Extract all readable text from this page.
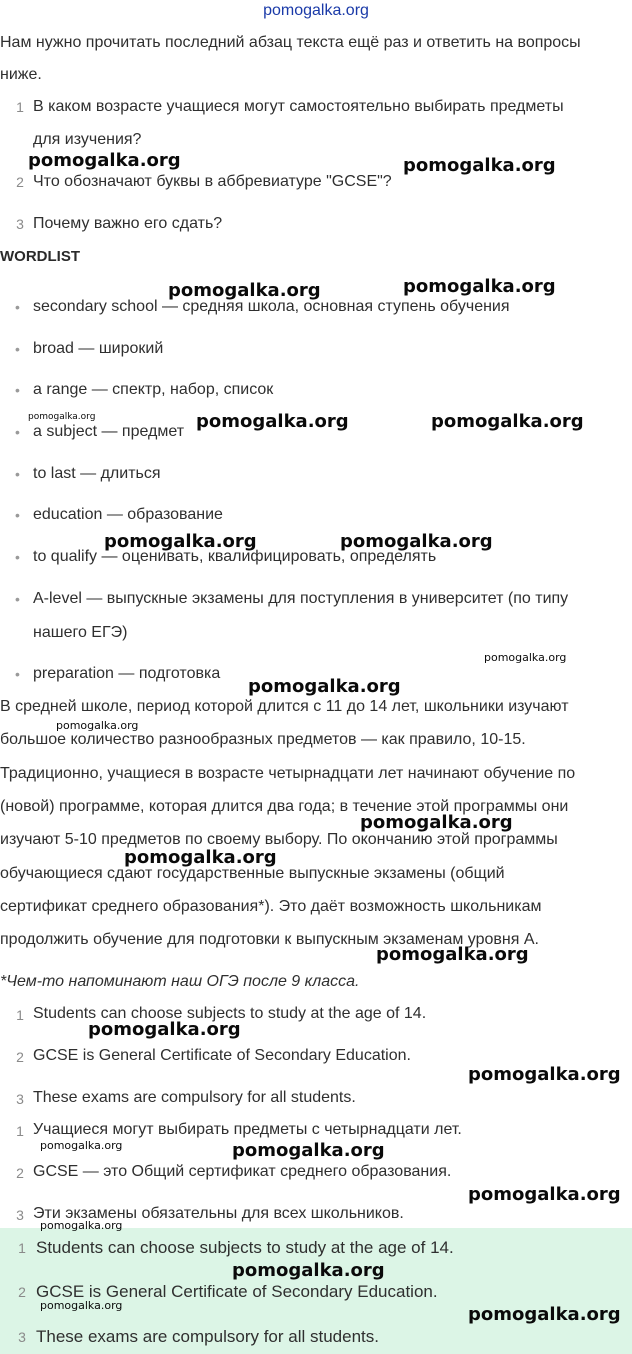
pomogalka.org
Нам нужно прочитать последний абзац текста ещё раз и ответить на вопросы
ниже.
1 В каком возрасте учащиеся могут самостоятельно выбирать предметы
для изучения?
2 Что обозначают буквы в аббревиатуре "GCSE"?
3 Почему важно его сдать?
WORDLIST
• secondary school — средняя школа, основная ступень обучения
• broad — широкий
• a range — спектр, набор, список
• a subject — предмет
• to last — длиться
• education — образование
• to qualify — оценивать, квалифицировать, определять
• A-level — выпускные экзамены для поступления в университет (по типу
нашего ЕГЭ)
• preparation — подготовка
В средней школе, период которой длится с 11 до 14 лет, школьники изучают
большое количество разнообразных предметов — как правило, 10-15.
Традиционно, учащиеся в возрасте четырнадцати лет начинают обучение по
(новой) программе, которая длится два года; в течение этой программы они
изучают 5-10 предметов по своему выбору. По окончанию этой программы
обучающиеся сдают государственные выпускные экзамены (общий
сертификат среднего образования*). Это даёт возможность школьникам
продолжить обучение для подготовки к выпускным экзаменам уровня А.
*Чем-то напоминают наш ОГЭ после 9 класса.
1 Students can choose subjects to study at the age of 14.
2 GCSE is General Certificate of Secondary Education.
3 These exams are compulsory for all students.
1 Учащиеся могут выбирать предметы с четырнадцати лет.
2 GCSE — это Общий сертификат среднего образования.
3 Эти экзамены обязательны для всех школьников.
1 Students can choose subjects to study at the age of 14.
2 GCSE is General Certificate of Secondary Education.
3 These exams are compulsory for all students.
pomogalka.org	pomogalka.org
pomogalka.org
pomogalka.org
pomogalka.org	pomogalka.org	pomogalka.org
pomogalka.org	pomogalka.org
pomogalka.org
pomogalka.org
pomogalka.org
pomogalka.org
pomogalka.org
pomogalka.org
pomogalka.org
pomogalka.org
pomogalka.org	pomogalka.org
pomogalka.org
pomogalka.org
pomogalka.org
pomogalka.org	pomogalka.org
